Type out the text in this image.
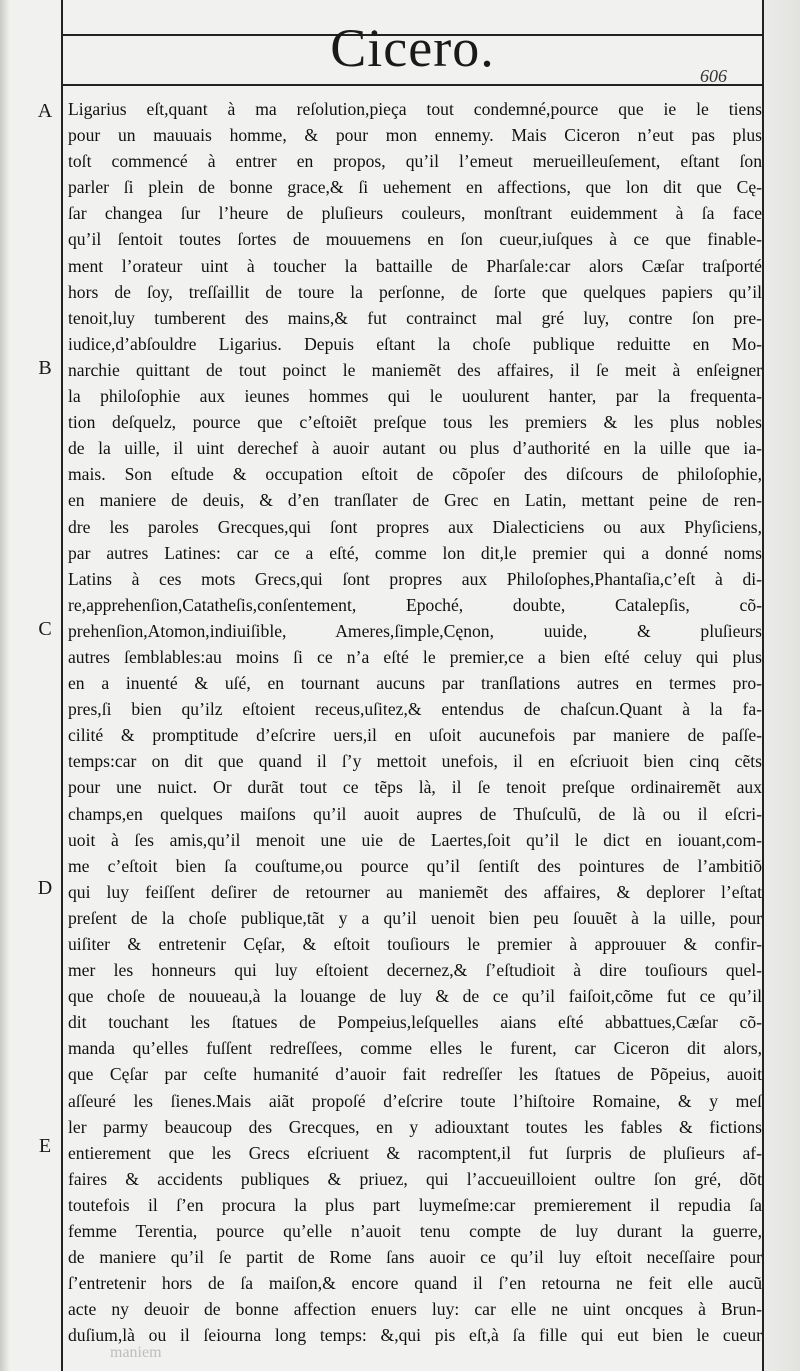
Cicero.	606
A
B
C
D
E
Ligarius eſt,quant à ma reſolution,pieça tout condemné,pource que ie le tiens
pour un mauuais homme, & pour mon ennemy. Mais Ciceron n’eut pas plus
toſt commencé à entrer en propos, qu’il l’emeut merueilleuſement, eſtant ſon
parler ſi plein de bonne grace,& ſi uehement en affections, que lon dit que Cę-
ſar changea ſur l’heure de pluſieurs couleurs, monſtrant euidemment à ſa face
qu’il ſentoit toutes ſortes de mouuemens en ſon cueur,iuſques à ce que finable-
ment l’orateur uint à toucher la battaille de Pharſale:car alors Cæſar traſporté
hors de ſoy, treſſaillit de toure la perſonne, de ſorte que quelques papiers qu’il
tenoit,luy tumberent des mains,& fut contrainct mal gré luy, contre ſon pre-
iudice,d’abſouldre Ligarius. Depuis eſtant la choſe publique reduitte en Mo-
narchie quittant de tout poinct le maniemẽt des affaires, il ſe meit à enſeigner
la philoſophie aux ieunes hommes qui le uoulurent hanter, par la frequenta-
tion deſquelz, pource que c’eſtoiẽt preſque tous les premiers & les plus nobles
de la uille, il uint derechef à auoir autant ou plus d’authorité en la uille que ia-
mais. Son eſtude & occupation eſtoit de cõpoſer des diſcours de philoſophie,
en maniere de deuis, & d’en tranſlater de Grec en Latin, mettant peine de ren-
dre les paroles Grecques,qui ſont propres aux Dialecticiens ou aux Phyſiciens,
par autres Latines: car ce a eſté, comme lon dit,le premier qui a donné noms
Latins à ces mots Grecs,qui ſont propres aux Philoſophes,Phantaſia,c’eſt à di-
re,apprehenſion,Catatheſis,conſentement, Epoché, doubte, Catalepſis, cõ-
prehenſion,Atomon,indiuiſible, Ameres,ſimple,Cęnon, uuide, & pluſieurs
autres ſemblables:au moins ſi ce n’a eſté le premier,ce a bien eſté celuy qui plus
en a inuenté & uſé, en tournant aucuns par tranſlations autres en termes pro-
pres,ſi bien qu’ilz eſtoient receus,uſitez,& entendus de chaſcun.Quant à la fa-
cilité & promptitude d’eſcrire uers,il en uſoit aucunefois par maniere de paſſe-
temps:car on dit que quand il ſ’y mettoit unefois, il en eſcriuoit bien cinq cẽts
pour une nuict. Or durãt tout ce tẽps là, il ſe tenoit preſque ordinairemẽt aux
champs,en quelques maiſons qu’il auoit aupres de Thuſculũ, de là ou il eſcri-
uoit à ſes amis,qu’il menoit une uie de Laertes,ſoit qu’il le dict en iouant,com-
me c’eſtoit bien ſa couſtume,ou pource qu’il ſentiſt des pointures de l’ambitiõ
qui luy feiſſent deſirer de retourner au maniemẽt des affaires, & deplorer l’eſtat
preſent de la choſe publique,tãt y a qu’il uenoit bien peu ſouuẽt à la uille, pour
uiſiter & entretenir Cęſar, & eſtoit touſiours le premier à approuuer & confir-
mer les honneurs qui luy eſtoient decernez,& ſ’eſtudioit à dire touſiours quel-
que choſe de nouueau,à la louange de luy & de ce qu’il faiſoit,cõme fut ce qu’il
dit touchant les ſtatues de Pompeius,leſquelles aians eſté abbattues,Cæſar cõ-
manda qu’elles fuſſent redreſſees, comme elles le furent, car Ciceron dit alors,
que Cęſar par ceſte humanité d’auoir fait redreſſer les ſtatues de Põpeius, auoit
aſſeuré les ſienes.Mais aiãt propoſé d’eſcrire toute l’hiſtoire Romaine, & y meſ
ler parmy beaucoup des Grecques, en y adiouxtant toutes les fables & fictions
entierement que les Grecs eſcriuent & racomptent,il fut ſurpris de pluſieurs af-
faires & accidents publiques & priuez, qui l’accueuilloient oultre ſon gré, dõt
toutefois il ſ’en procura la plus part luymeſme:car premierement il repudia ſa
femme Terentia, pource qu’elle n’auoit tenu compte de luy durant la guerre,
de maniere qu’il ſe partit de Rome ſans auoir ce qu’il luy eſtoit neceſſaire pour
ſ’entretenir hors de ſa maiſon,& encore quand il ſ’en retourna ne feit elle aucũ
acte ny deuoir de bonne affection enuers luy: car elle ne uint oncques à Brun-
duſium,là ou il ſeiourna long temps: &,qui pis eſt,à ſa fille qui eut bien le cueur
maniem
